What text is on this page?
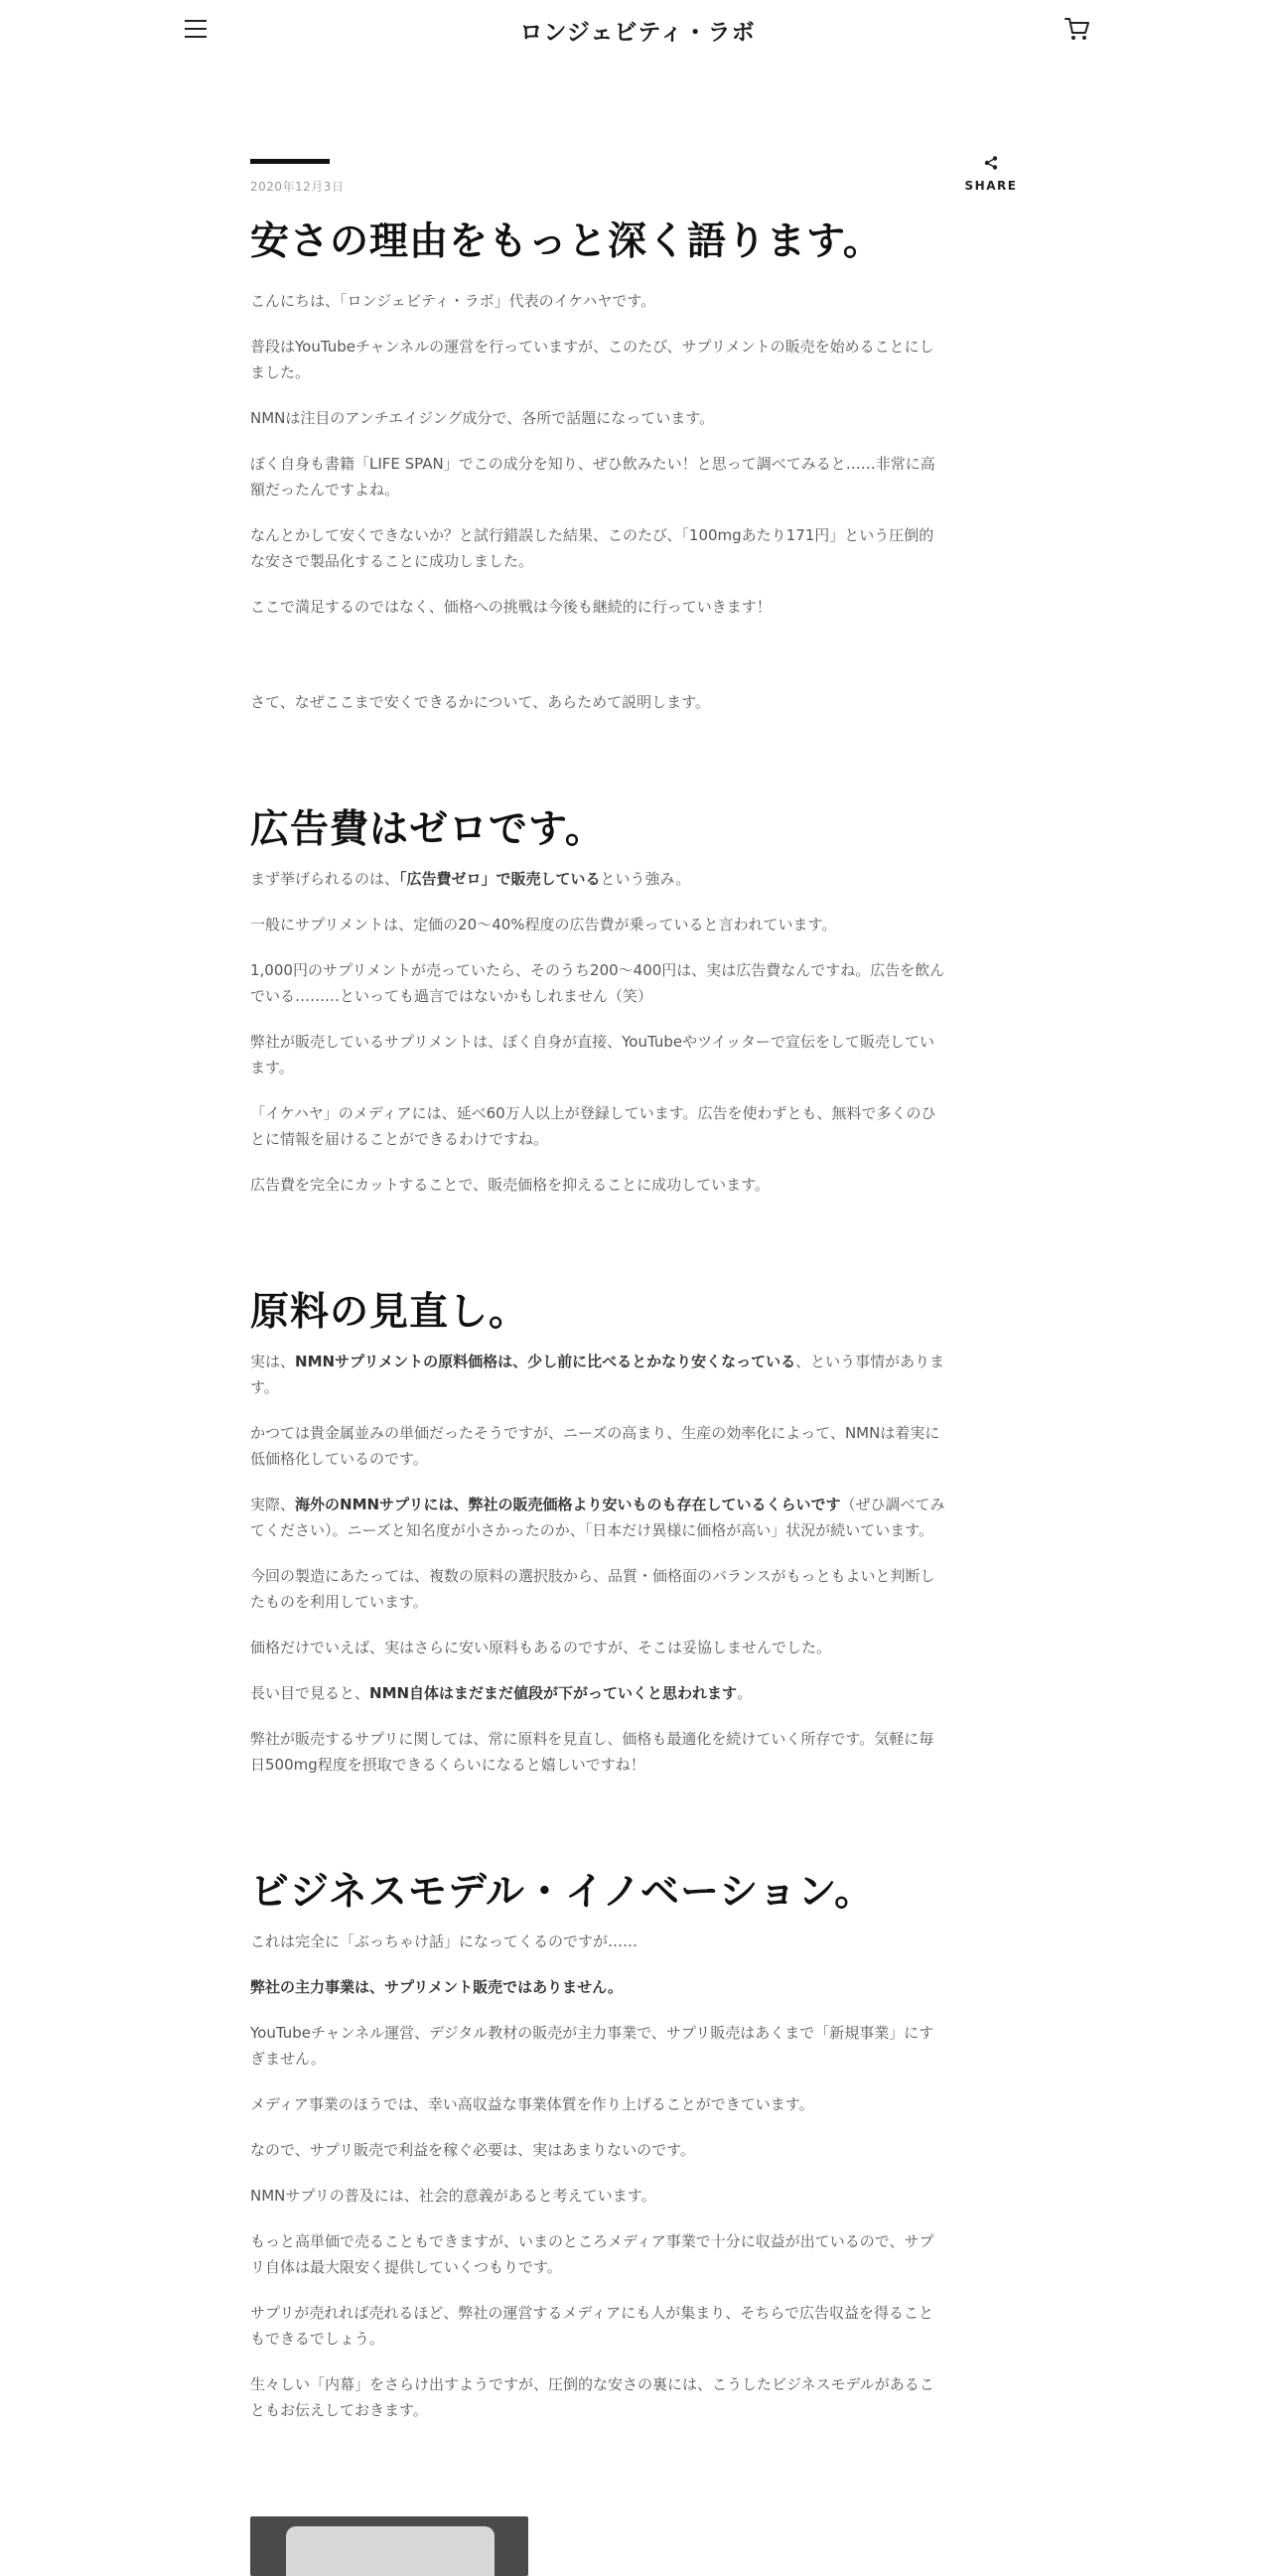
ロンジェビティ・ラボ
SHARE
2020年12月3日
安さの理由をもっと深く語ります。

こんにちは、「ロンジェビティ・ラボ」代表のイケハヤです。

普段はYouTubeチャンネルの運営を行っていますが、このたび、サプリメントの販売を始めることにしました。

NMNは注目のアンチエイジング成分で、各所で話題になっています。

ぼく自身も書籍「LIFE SPAN」でこの成分を知り、ぜひ飲みたい！と思って調べてみると……非常に高額だったんですよね。

なんとかして安くできないか？と試行錯誤した結果、このたび、「100mgあたり171円」という圧倒的な安さで製品化することに成功しました。

ここで満足するのではなく、価格への挑戦は今後も継続的に行っていきます！

さて、なぜここまで安くできるかについて、あらためて説明します。

広告費はゼロです。

まず挙げられるのは、「広告費ゼロ」で販売しているという強み。

一般にサプリメントは、定価の20〜40%程度の広告費が乗っていると言われています。

1,000円のサプリメントが売っていたら、そのうち200〜400円は、実は広告費なんですね。広告を飲んでいる………といっても過言ではないかもしれません（笑）

弊社が販売しているサプリメントは、ぼく自身が直接、YouTubeやツイッターで宣伝をして販売しています。

「イケハヤ」のメディアには、延べ60万人以上が登録しています。広告を使わずとも、無料で多くのひとに情報を届けることができるわけですね。

広告費を完全にカットすることで、販売価格を抑えることに成功しています。

原料の見直し。

実は、NMNサプリメントの原料価格は、少し前に比べるとかなり安くなっている、という事情があります。

かつては貴金属並みの単価だったそうですが、ニーズの高まり、生産の効率化によって、NMNは着実に低価格化しているのです。

実際、海外のNMNサプリには、弊社の販売価格より安いものも存在しているくらいです（ぜひ調べてみてください）。ニーズと知名度が小さかったのか、「日本だけ異様に価格が高い」状況が続いています。

今回の製造にあたっては、複数の原料の選択肢から、品質・価格面のバランスがもっともよいと判断したものを利用しています。

価格だけでいえば、実はさらに安い原料もあるのですが、そこは妥協しませんでした。

長い目で見ると、NMN自体はまだまだ値段が下がっていくと思われます。

弊社が販売するサプリに関しては、常に原料を見直し、価格も最適化を続けていく所存です。気軽に毎日500mg程度を摂取できるくらいになると嬉しいですね！

ビジネスモデル・イノベーション。

これは完全に「ぶっちゃけ話」になってくるのですが……

弊社の主力事業は、サプリメント販売ではありません。

YouTubeチャンネル運営、デジタル教材の販売が主力事業で、サプリ販売はあくまで「新規事業」にすぎません。

メディア事業のほうでは、幸い高収益な事業体質を作り上げることができています。

なので、サプリ販売で利益を稼ぐ必要は、実はあまりないのです。

NMNサプリの普及には、社会的意義があると考えています。

もっと高単価で売ることもできますが、いまのところメディア事業で十分に収益が出ているので、サプリ自体は最大限安く提供していくつもりです。

サプリが売れれば売れるほど、弊社の運営するメディアにも人が集まり、そちらで広告収益を得ることもできるでしょう。

生々しい「内幕」をさらけ出すようですが、圧倒的な安さの裏には、こうしたビジネスモデルがあることもお伝えしておきます。
